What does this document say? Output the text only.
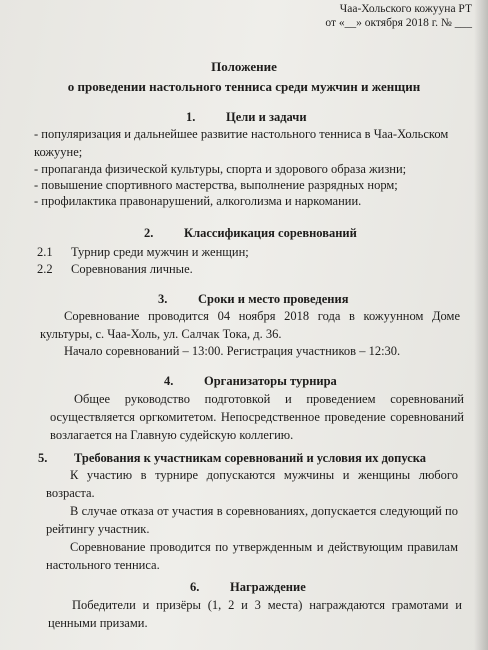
Чаа-Хольского кожууна РТ
от «__» октября 2018 г. № ___
Положение
о проведении настольного тенниса среди мужчин и женщин
1. Цели и задачи
- популяризация и дальнейшее развитие настольного тенниса в Чаа-Хольском
кожууне;
- пропаганда физической культуры, спорта и здорового образа жизни;
- повышение спортивного мастерства, выполнение разрядных норм;
- профилактика правонарушений, алкоголизма и наркомании.
2. Классификация соревнований
2.1 Турнир среди мужчин и женщин;
2.2 Соревнования личные.
3. Сроки и место проведения
Соревнование проводится 04 ноября 2018 года в кожуунном Доме культуры, с. Чаа-Холь, ул. Салчак Тока, д. 36.
Начало соревнований – 13:00. Регистрация участников – 12:30.
4. Организаторы турнира
Общее руководство подготовкой и проведением соревнований осуществляется оргкомитетом. Непосредственное проведение соревнований возлагается на Главную судейскую коллегию.
5. Требования к участникам соревнований и условия их допуска
К участию в турнире допускаются мужчины и женщины любого возраста.
В случае отказа от участия в соревнованиях, допускается следующий по рейтингу участник.
Соревнование проводится по утвержденным и действующим правилам настольного тенниса.
6. Награждение
Победители и призёры (1, 2 и 3 места) награждаются грамотами и ценными призами.
